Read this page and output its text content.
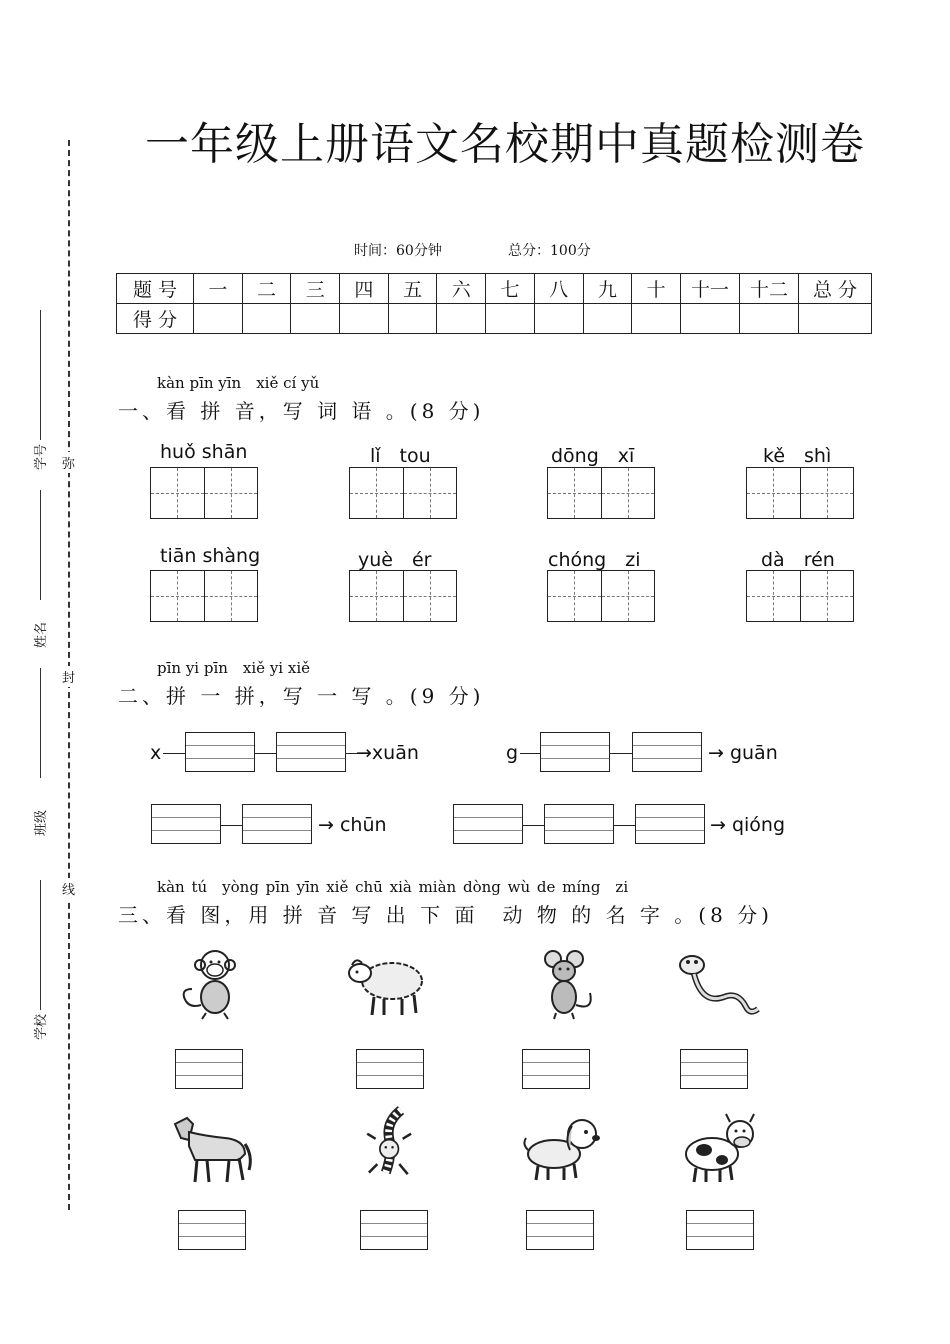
一年级上册语文名校期中真题检测卷
时间：60分钟	总分：100分
题 号	一	二	三	四	五	六	七	八	九	十	十一	十二	总 分
得 分													
弥
封
线
学号
姓名
班级
学校
kàn pīn yīn　xiě cí yǔ
一、看 拼 音，写 词 语 。(8 分)
huǒ shān	lǐ　tou	dōng　xī	kě　shì
tiān shàng	yuè　ér	chóng　zi	dà　rén
pīn yi pīn　xiě yi xiě
二、拼 一 拼，写 一 写 。(9 分)
x	→xuān	g	→ guān
→ chūn	→ qióng
kàn tú　yòng pīn yīn xiě chū xià miàn dòng wù de míng　zi
三、看 图，用 拼 音 写 出 下 面　动 物 的 名 字 。(8 分)
